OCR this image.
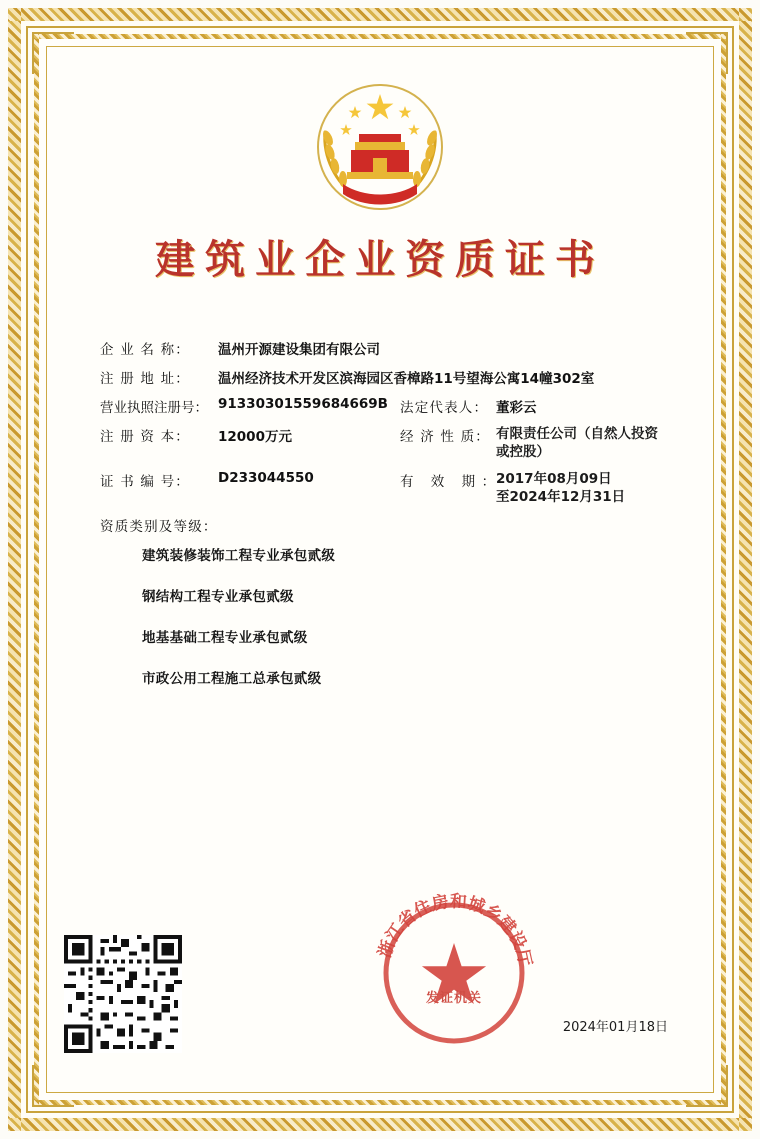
建筑业企业资质证书
企 业 名 称：	温州开源建设集团有限公司
注 册 地 址：	温州经济技术开发区滨海园区香樟路11号望海公寓14幢302室
营业执照注册号： 91330301559684669B 法定代表人： 董彩云
注 册 资 本：	12000万元	经 济 性 质： 有限责任公司（自然人投资或控股）
证 书 编 号：	D233044550	有 效 期：
2017年08月09日
至2024年12月31日
资质类别及等级：
建筑装修装饰工程专业承包贰级
钢结构工程专业承包贰级
地基基础工程专业承包贰级
市政公用工程施工总承包贰级
浙江省住房和城乡建设厅
发证机关
2024年01月18日
